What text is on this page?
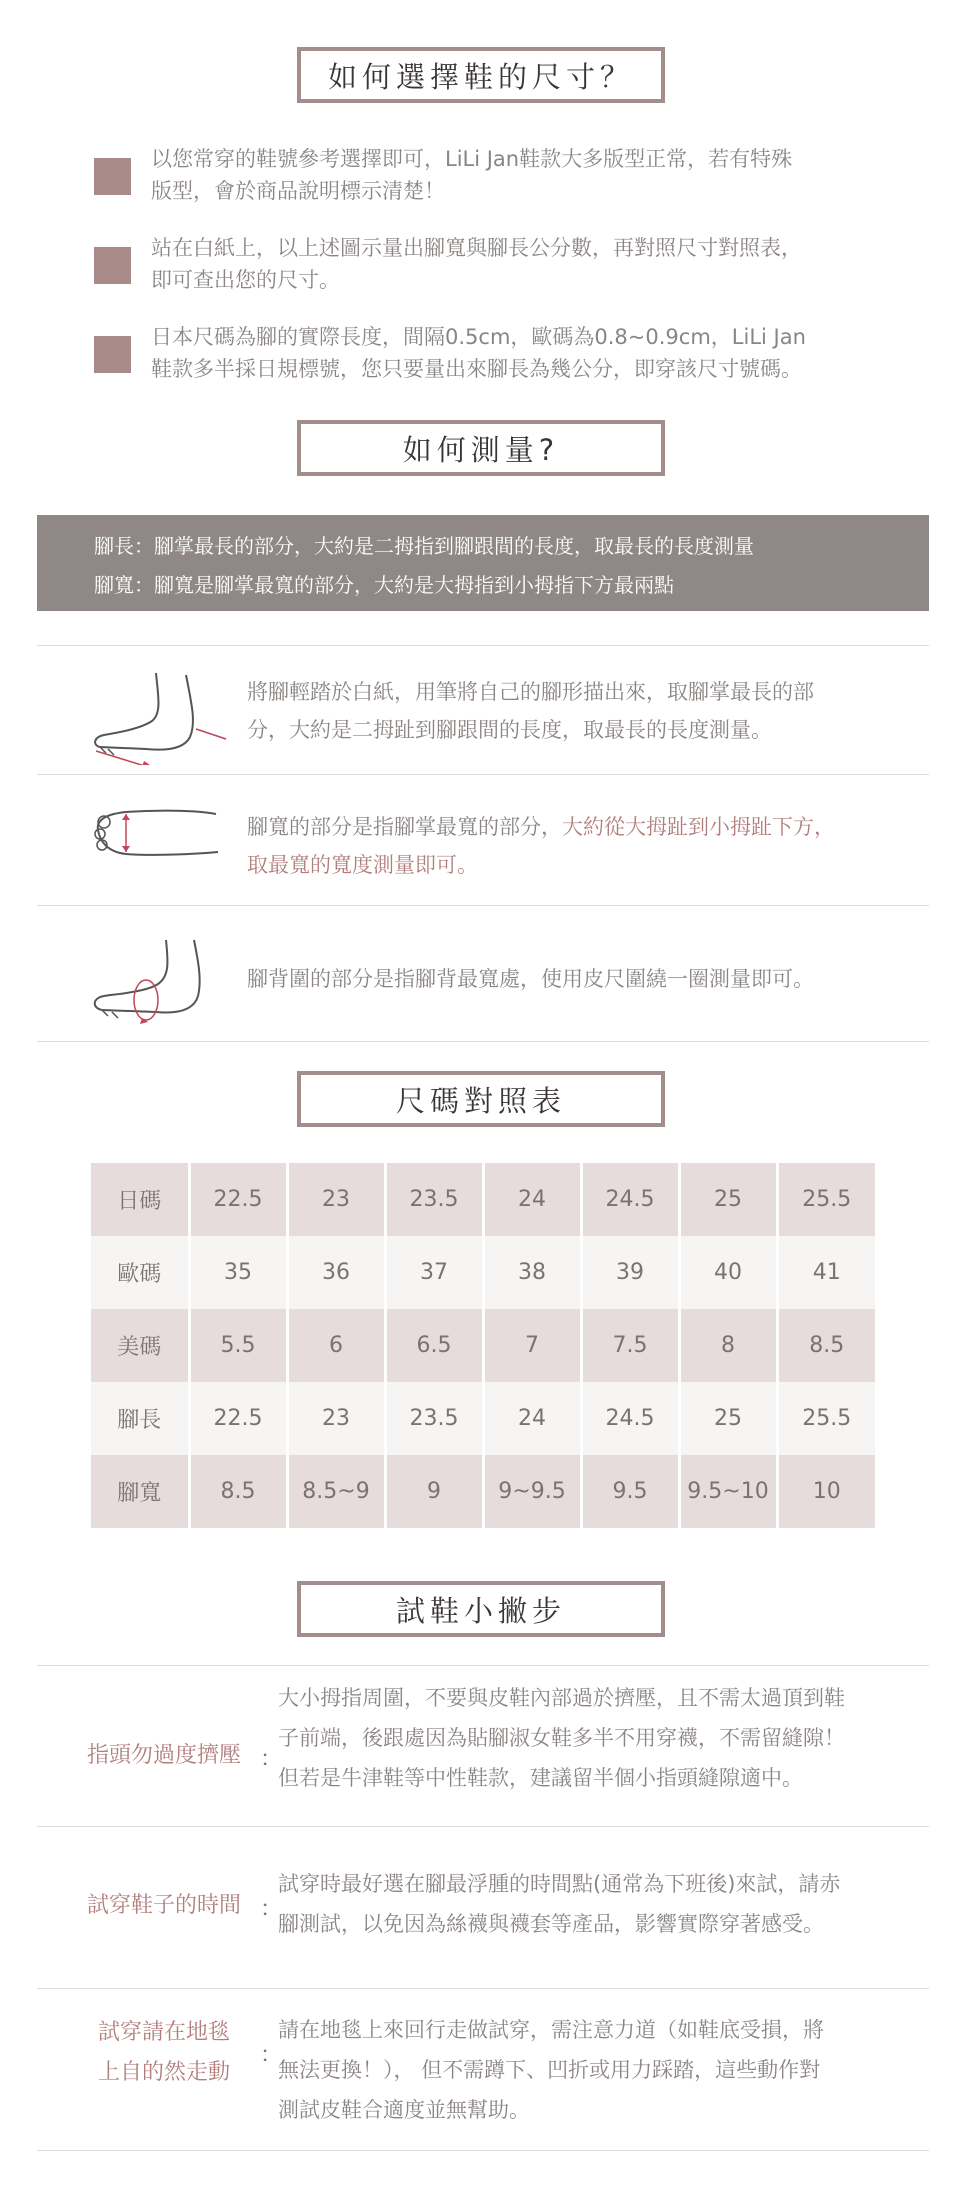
如何選擇鞋的尺寸？
以您常穿的鞋號參考選擇即可，LiLi Jan鞋款大多版型正常，若有特殊
版型，會於商品說明標示清楚！
站在白紙上，以上述圖示量出腳寬與腳長公分數，再對照尺寸對照表，
即可查出您的尺寸。
日本尺碼為腳的實際長度，間隔0.5cm，歐碼為0.8~0.9cm，LiLi Jan
鞋款多半採日規標號，您只要量出來腳長為幾公分，即穿該尺寸號碼。
如何測量?
腳長：腳掌最長的部分，大約是二拇指到腳跟間的長度，取最長的長度測量
腳寬：腳寬是腳掌最寬的部分，大約是大拇指到小拇指下方最兩點
將腳輕踏於白紙，用筆將自己的腳形描出來，取腳掌最長的部
分，大約是二拇趾到腳跟間的長度，取最長的長度測量。
腳寬的部分是指腳掌最寬的部分，大約從大拇趾到小拇趾下方，
取最寬的寬度測量即可。
腳背圍的部分是指腳背最寬處，使用皮尺圍繞一圈測量即可。
尺碼對照表
日碼	22.5	23	23.5	24	24.5	25	25.5
歐碼	35	36	37	38	39	40	41
美碼	5.5	6	6.5	7	7.5	8	8.5
腳長	22.5	23	23.5	24	24.5	25	25.5
腳寬	8.5	8.5~9	9	9~9.5	9.5	9.5~10	10
試鞋小撇步
指頭勿過度擠壓 ：
大小拇指周圍，不要與皮鞋內部過於擠壓，且不需太過頂到鞋
子前端，後跟處因為貼腳淑女鞋多半不用穿襪，不需留縫隙！
但若是牛津鞋等中性鞋款，建議留半個小指頭縫隙適中。
試穿鞋子的時間 ：
試穿時最好選在腳最浮腫的時間點(通常為下班後)來試，請赤
腳測試，以免因為絲襪與襪套等產品，影響實際穿著感受。
試穿請在地毯
上自的然走動
：
請在地毯上來回行走做試穿，需注意力道（如鞋底受損，將
無法更換！）， 但不需蹲下、凹折或用力踩踏，這些動作對
測試皮鞋合適度並無幫助。
